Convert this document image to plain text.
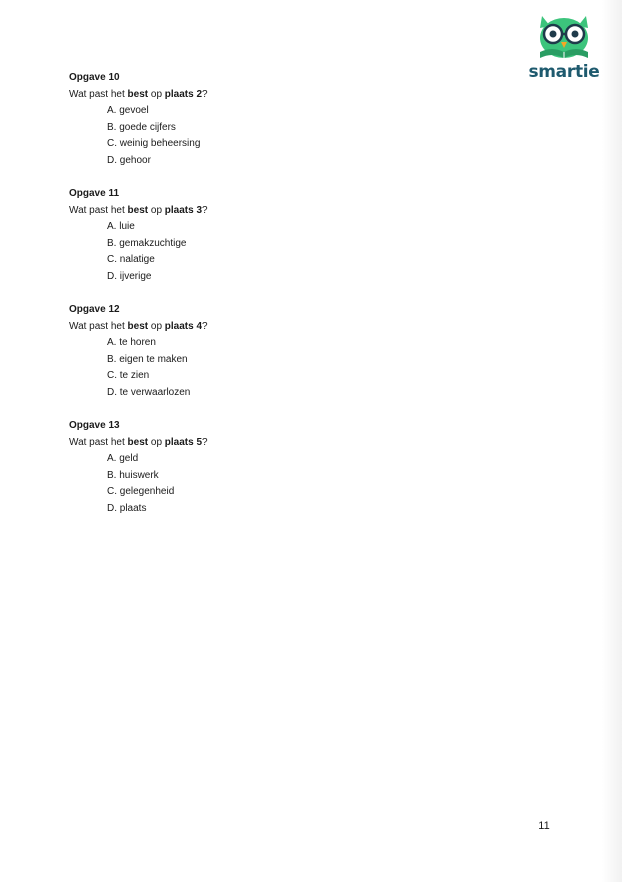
smartie
Opgave 10
Wat past het best op plaats 2?
A. gevoel
B. goede cijfers
C. weinig beheersing
D. gehoor
Opgave 11
Wat past het best op plaats 3?
A. luie
B. gemakzuchtige
C. nalatige
D. ijverige
Opgave 12
Wat past het best op plaats 4?
A. te horen
B. eigen te maken
C. te zien
D. te verwaarlozen
Opgave 13
Wat past het best op plaats 5?
A. geld
B. huiswerk
C. gelegenheid
D. plaats
11
